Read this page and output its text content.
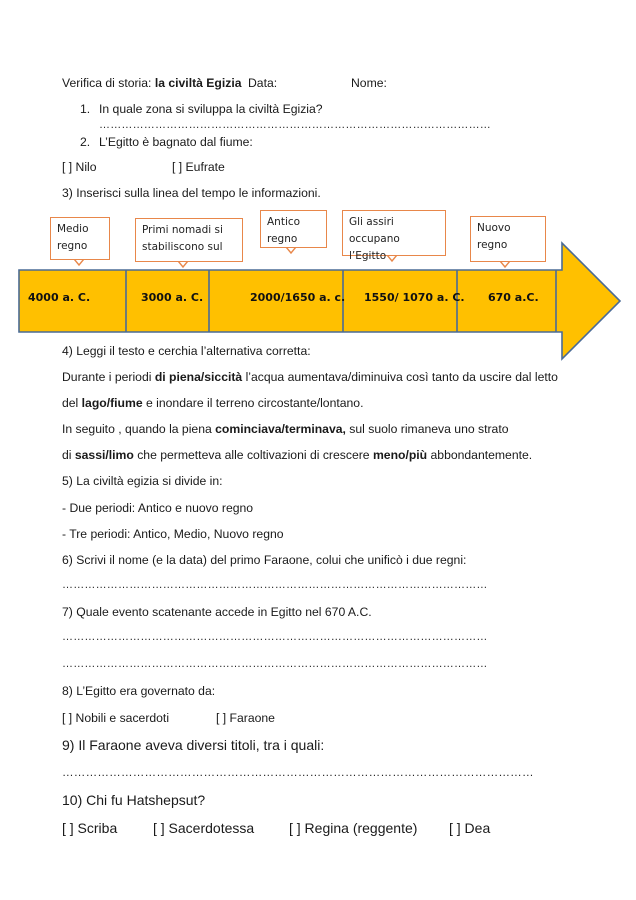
Verifica di storia: la civiltà Egizia Data:	Nome:
1. In quale zona si sviluppa la civiltà Egizia?
……………………………………………………………………………………………
2. L’Egitto è bagnato dal fiume:
[ ] Nilo	[ ] Eufrate
3) Inserisci sulla linea del tempo le informazioni.
Medio regno
Primi nomadi si stabiliscono sul
Antico regno
Gli assiri occupano l’Egitto
Nuovo regno
4000 a. C.	3000 a. C.	2000/1650 a. c. 1550/ 1070 a. C. 670 a.C.
4) Leggi il testo e cerchia l’alternativa corretta:
Durante i periodi di piena/siccità l’acqua aumentava/diminuiva così tanto da uscire dal letto
del lago/fiume e inondare il terreno circostante/lontano.
In seguito , quando la piena cominciava/terminava, sul suolo rimaneva uno strato
di sassi/limo che permetteva alle coltivazioni di crescere meno/più abbondantemente.
5) La civiltà egizia si divide in:
- Due periodi: Antico e nuovo regno
- Tre periodi: Antico, Medio, Nuovo regno
6) Scrivi il nome (e la data) del primo Faraone, colui che unificò i due regni:
……………………………………………………………………………………………………
7) Quale evento scatenante accede in Egitto nel 670 A.C.
……………………………………………………………………………………………………
……………………………………………………………………………………………………
8) L’Egitto era governato da:
[ ] Nobili e sacerdoti	[ ] Faraone
9) Il Faraone aveva diversi titoli, tra i quali:
…………………………………………………………………………………………………………
10) Chi fu Hatshepsut?
[ ] Scriba	[ ] Sacerdotessa [ ] Regina (reggente) [ ] Dea
